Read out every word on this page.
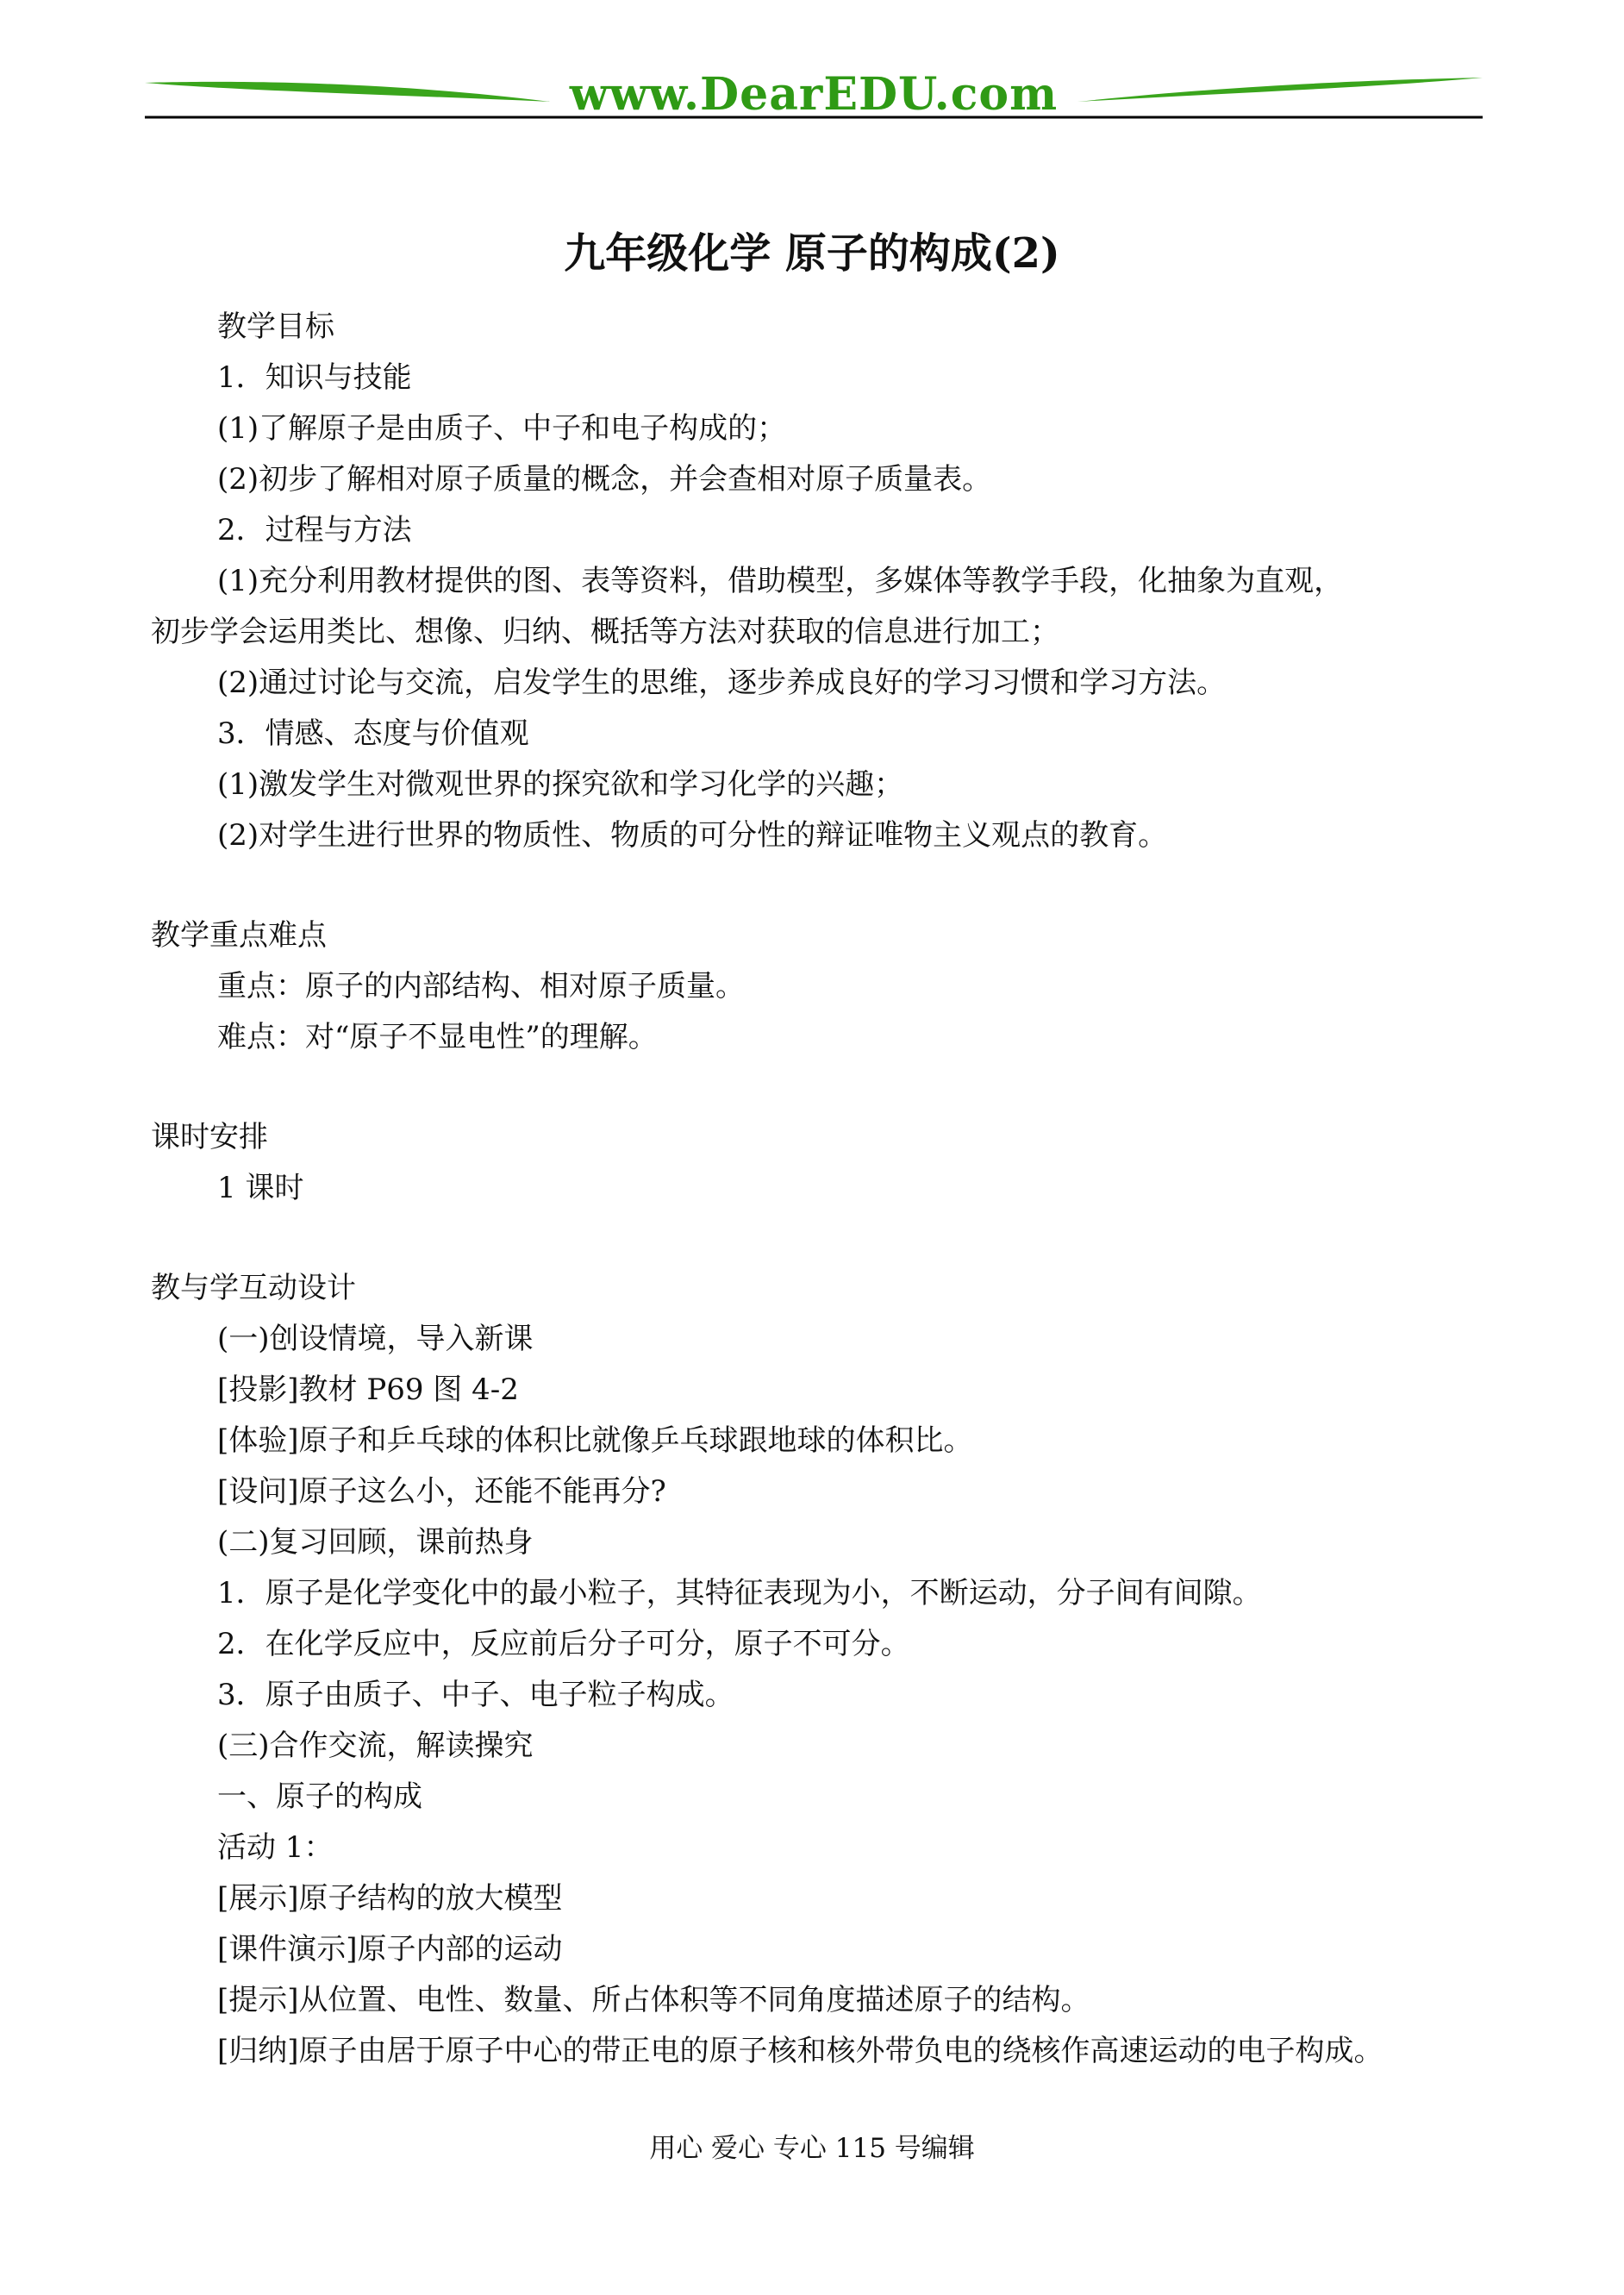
www.DearEDU.com
九年级化学 原子的构成(2)
教学目标
1．知识与技能
(1)了解原子是由质子、中子和电子构成的；
(2)初步了解相对原子质量的概念，并会查相对原子质量表。
2．过程与方法
(1)充分利用教材提供的图、表等资料，借助模型，多媒体等教学手段，化抽象为直观，
初步学会运用类比、想像、归纳、概括等方法对获取的信息进行加工；
(2)通过讨论与交流，启发学生的思维，逐步养成良好的学习习惯和学习方法。
3．情感、态度与价值观
(1)激发学生对微观世界的探究欲和学习化学的兴趣；
(2)对学生进行世界的物质性、物质的可分性的辩证唯物主义观点的教育。
教学重点难点
重点：原子的内部结构、相对原子质量。
难点：对“原子不显电性”的理解。
课时安排
1 课时
教与学互动设计
(一)创设情境，导入新课
[投影]教材 P69 图 4-2
[体验]原子和乒乓球的体积比就像乒乓球跟地球的体积比。
[设问]原子这么小，还能不能再分?
(二)复习回顾，课前热身
1．原子是化学变化中的最小粒子，其特征表现为小，不断运动，分子间有间隙。
2．在化学反应中，反应前后分子可分，原子不可分。
3．原子由质子、中子、电子粒子构成。
(三)合作交流，解读操究
一、原子的构成
活动 1：
[展示]原子结构的放大模型
[课件演示]原子内部的运动
[提示]从位置、电性、数量、所占体积等不同角度描述原子的结构。
[归纳]原子由居于原子中心的带正电的原子核和核外带负电的绕核作高速运动的电子构成。
用心 爱心 专心 115 号编辑
